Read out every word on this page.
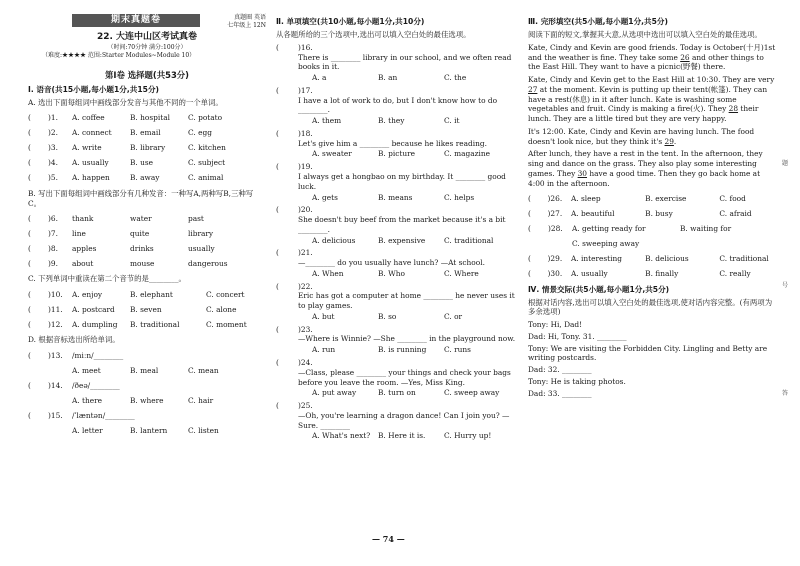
期末真题卷	真题圈 英语
七年级上 12N
22. 大连中山区考试真卷
（时间:70分钟 满分:100分）
（难度:★★★★ 范围:Starter Modules~Module 10）
第Ⅰ卷 选择题(共53分)
Ⅰ. 语音(共15小题,每小题1分,共15分)
A. 选出下面每组词中画线部分发音与其他不同的一个单词。
(	)1.	A. coffee	B. hospital	C. potato
(	)2.	A. connect	B. email	C. egg
(	)3.	A. write	B. library	C. kitchen
(	)4.	A. usually	B. use	C. subject
(	)5.	A. happen	B. away	C. animal
B. 写出下面每组词中画线部分有几种发音：一种写A,两种写B,三种写C。
(	)6.	thank	water	past
(	)7.	line	quite	library
(	)8.	apples	drinks	usually
(	)9.	about	mouse	dangerous
C. 下列单词中重读在第二个音节的是________。
(	)10.	A. enjoy	B. elephant	C. concert
(	)11.	A. postcard	B. seven	C. alone
(	)12.	A. dumpling	B. traditional	C. moment
D. 根据音标选出所给单词。
(	)13.	/miːn/________
A. meet	B. meal	C. mean
(	)14.	/ðeə/________
A. there	B. where	C. hair
(	)15.	/ˈlæntən/________
A. letter	B. lantern	C. listen
Ⅱ. 单项填空(共10小题,每小题1分,共10分)
从各题所给的三个选项中,选出可以填入空白处的最佳选项。
(	)16.
There is ________ library in our school, and we often read books in it.
A. a	B. an	C. the
(	)17.
I have a lot of work to do, but I don't know how to do ________.
A. them	B. they	C. it
(	)18.
Let's give him a ________ because he likes reading.
A. sweater	B. picture	C. magazine
(	)19.
I always get a hongbao on my birthday. It ________ good luck.
A. gets	B. means	C. helps
(	)20.
She doesn't buy beef from the market because it's a bit ________.
A. delicious	B. expensive	C. traditional
(	)21.
—________ do you usually have lunch? —At school.
A. When	B. Who	C. Where
(	)22.
Eric has got a computer at home ________ he never uses it to play games.
A. but	B. so	C. or
(	)23.
—Where is Winnie? —She ________ in the playground now.
A. run	B. is running	C. runs
(	)24.
—Class, please ________ your things and check your bags before you leave the room. —Yes, Miss King.
A. put away	B. turn on	C. sweep away
(	)25.
—Oh, you're learning a dragon dance! Can I join you? —Sure. ________
A. What's next?	B. Here it is.	C. Hurry up!
Ⅲ. 完形填空(共5小题,每小题1分,共5分)
阅读下面的短文,掌握其大意,从选项中选出可以填入空白处的最佳选项。
Kate, Cindy and Kevin are good friends. Today is October(十月)1st and the weather is fine. They take some 26 and other things to the East Hill. They want to have a picnic(野餐) there.
Kate, Cindy and Kevin get to the East Hill at 10:30. They are very 27 at the moment. Kevin is putting up their tent(帐篷). They can have a rest(休息) in it after lunch. Kate is washing some vegetables and fruit. Cindy is making a fire(火). They 28 their lunch. They are a little tired but they are very happy.
It's 12:00. Kate, Cindy and Kevin are having lunch. The food doesn't look nice, but they think it's 29.
After lunch, they have a rest in the tent. In the afternoon, they sing and dance on the grass. They also play some interesting games. They 30 have a good time. Then they go back home at 4:00 in the afternoon.
(	)26.	A. sleep	B. exercise	C. food
(	)27.	A. beautiful	B. busy	C. afraid
(	)28.	A. getting ready for	B. waiting for
C. sweeping away
(	)29.	A. interesting	B. delicious	C. traditional
(	)30.	A. usually	B. finally	C. really
Ⅳ. 情景交际(共5小题,每小题1分,共5分)
根据对话内容,选出可以填入空白处的最佳选项,使对话内容完整。(有两项为多余选项)
Tony: Hi, Dad!
Dad: Hi, Tony. 31. ________
Tony: We are visiting the Forbidden City. Lingling and Betty are writing postcards.
Dad: 32. ________
Tony: He is taking photos.
Dad: 33. ________
题
号
答
— 74 —
